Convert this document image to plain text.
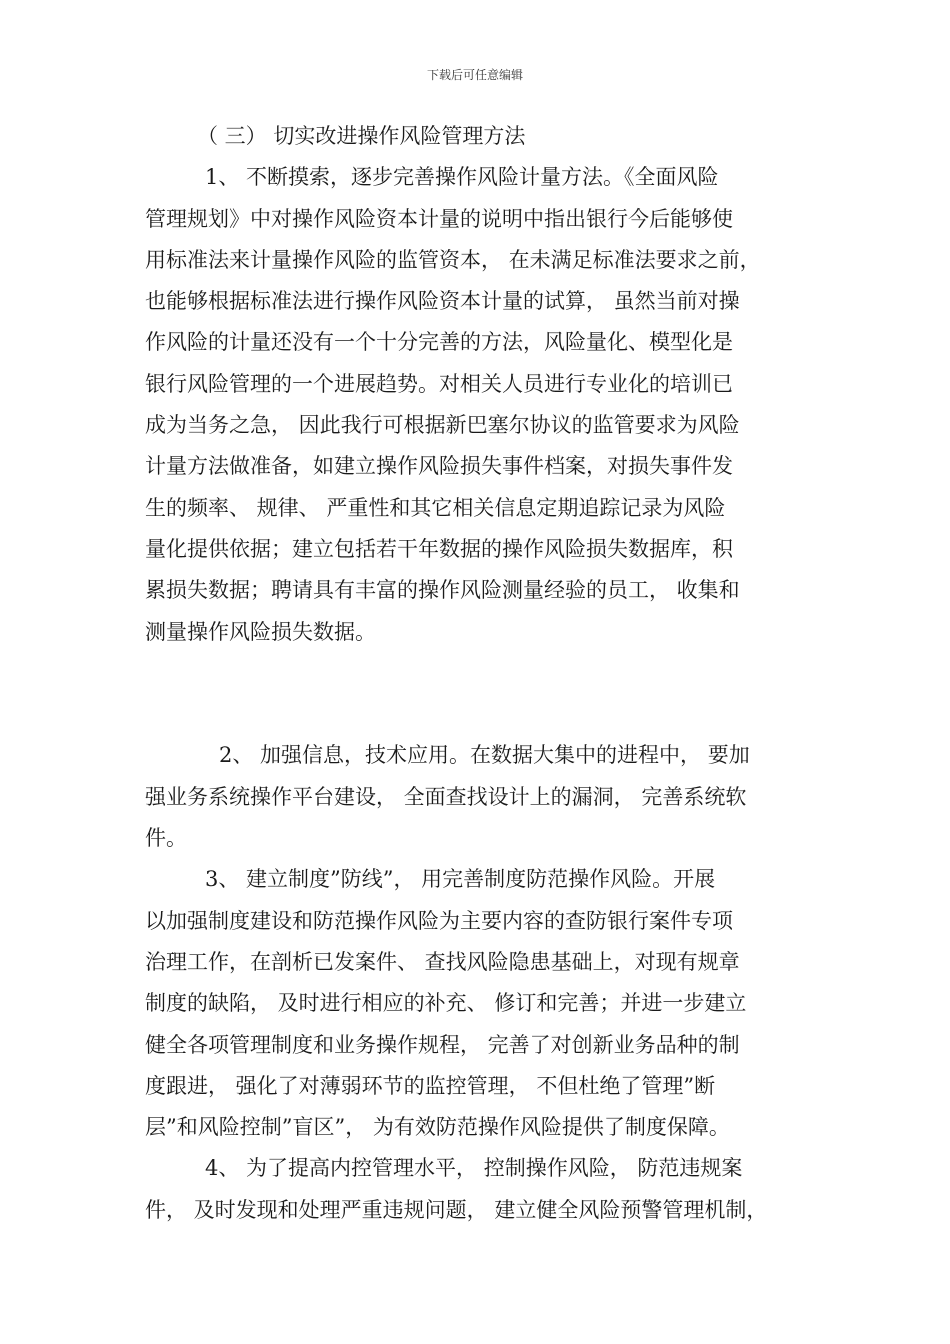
下载后可任意编辑
（ 三） 切实改进操作风险管理方法
1、 不断摸索，逐步完善操作风险计量方法。《全面风险
管理规划》中对操作风险资本计量的说明中指出银行今后能够使
用标准法来计量操作风险的监管资本， 在未满足标准法要求之前，
也能够根据标准法进行操作风险资本计量的试算， 虽然当前对操
作风险的计量还没有一个十分完善的方法，风险量化、模型化是
银行风险管理的一个进展趋势。对相关人员进行专业化的培训已
成为当务之急， 因此我行可根据新巴塞尔协议的监管要求为风险
计量方法做准备，如建立操作风险损失事件档案，对损失事件发
生的频率、 规律、 严重性和其它相关信息定期追踪记录为风险
量化提供依据；建立包括若干年数据的操作风险损失数据库，积
累损失数据；聘请具有丰富的操作风险测量经验的员工， 收集和
测量操作风险损失数据。
2、 加强信息，技术应用。在数据大集中的进程中， 要加
强业务系统操作平台建设， 全面查找设计上的漏洞， 完善系统软
件。
3、 建立制度”防线”， 用完善制度防范操作风险。开展
以加强制度建设和防范操作风险为主要内容的查防银行案件专项
治理工作，在剖析已发案件、 查找风险隐患基础上，对现有规章
制度的缺陷， 及时进行相应的补充、 修订和完善；并进一步建立
健全各项管理制度和业务操作规程， 完善了对创新业务品种的制
度跟进， 强化了对薄弱环节的监控管理， 不但杜绝了管理”断
层”和风险控制”盲区”， 为有效防范操作风险提供了制度保障。
4、 为了提高内控管理水平， 控制操作风险， 防范违规案
件， 及时发现和处理严重违规问题， 建立健全风险预警管理机制，
